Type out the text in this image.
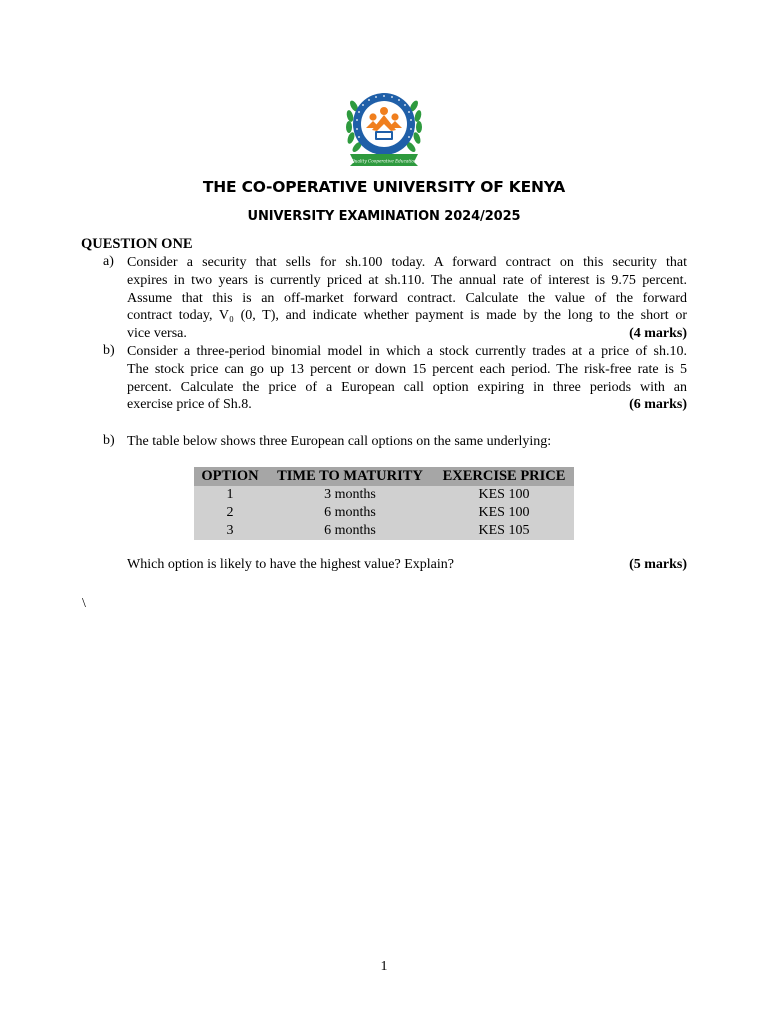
Quality Cooperative Education
THE CO-OPERATIVE UNIVERSITY OF KENYA
UNIVERSITY EXAMINATION 2024/2025
QUESTION ONE
a) Consider a security that sells for sh.100 today. A forward contract on this security that
expires in two years is currently priced at sh.110. The annual rate of interest is 9.75 percent.
Assume that this is an off-market forward contract. Calculate the value of the forward
contract today, V₀ (0, T), and indicate whether payment is made by the long to the short or
vice versa.	(4 marks)
b) Consider a three-period binomial model in which a stock currently trades at a price of sh.10.
The stock price can go up 13 percent or down 15 percent each period. The risk-free rate is 5
percent. Calculate the price of a European call option expiring in three periods with an
exercise price of Sh.8.	(6 marks)
b) The table below shows three European call options on the same underlying:
OPTION	TIME TO MATURITY	EXERCISE PRICE
1	3 months	KES 100
2	6 months	KES 100
3	6 months	KES 105
Which option is likely to have the highest value? Explain?	(5 marks)
\
1
